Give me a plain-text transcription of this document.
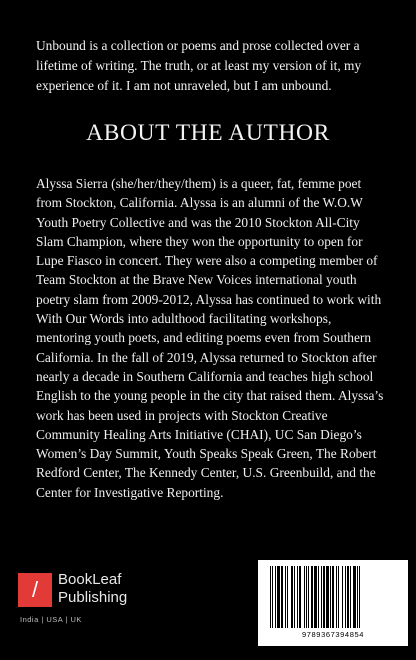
Unbound is a collection or poems and prose collected over a lifetime of writing. The truth, or at least my version of it, my experience of it. I am not unraveled, but I am unbound.
ABOUT THE AUTHOR
Alyssa Sierra (she/her/they/them) is a queer, fat, femme poet from Stockton, California. Alyssa is an alumni of the W.O.W Youth Poetry Collective and was the 2010 Stockton All-City Slam Champion, where they won the opportunity to open for Lupe Fiasco in concert. They were also a competing member of Team Stockton at the Brave New Voices international youth poetry slam from 2009-2012, Alyssa has continued to work with With Our Words into adulthood facilitating workshops, mentoring youth poets, and editing poems even from Southern California. In the fall of 2019, Alyssa returned to Stockton after nearly a decade in Southern California and teaches high school English to the young people in the city that raised them. Alyssa’s work has been used in projects with Stockton Creative Community Healing Arts Initiative (CHAI), UC San Diego’s Women’s Day Summit, Youth Speaks Speak Green, The Robert Redford Center, The Kennedy Center, U.S. Greenbuild, and the Center for Investigative Reporting.
/	BookLeaf
Publishing
India | USA | UK
9789367394854
